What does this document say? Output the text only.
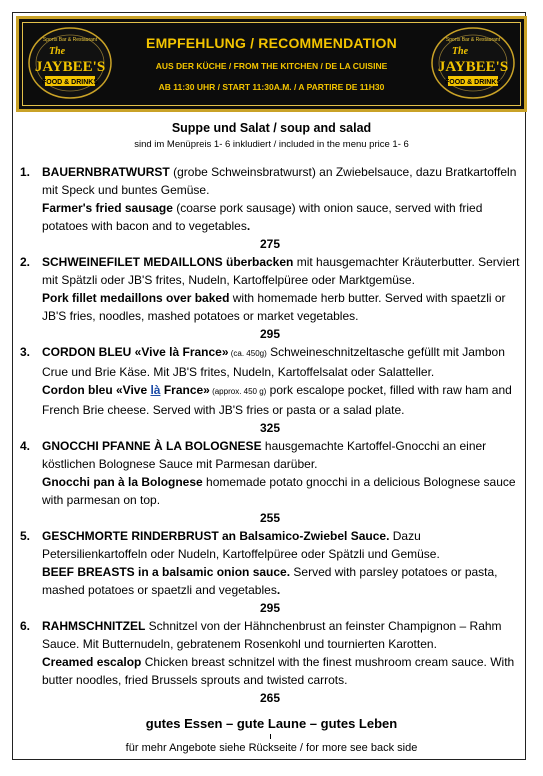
Sports Bar & Restaurant
The
JAYBEE'S
FOOD & DRINKS
Sports Bar & Restaurant
The
JAYBEE'S
FOOD & DRINKS
EMPFEHLUNG / RECOMMENDATION
AUS DER KÜCHE / FROM THE KITCHEN / DE LA CUISINE
AB 11:30 UHR / START 11:30A.M. / A PARTIRE DE 11H30
Suppe und Salat / soup and salad
sind im Menüpreis 1- 6 inkludiert / included in the menu price 1- 6
1. BAUERNBRATWURST (grobe Schweinsbratwurst) an Zwiebelsauce, dazu Bratkartoffeln mit Speck und buntes Gemüse.
Farmer's fried sausage (coarse pork sausage) with onion sauce, served with fried potatoes with bacon and to vegetables.
275
2. SCHWEINEFILET MEDAILLONS überbacken mit hausgemachter Kräuterbutter. Serviert mit Spätzli oder JB'S frites, Nudeln, Kartoffelpüree oder Marktgemüse.
Pork fillet medaillons over baked with homemade herb butter. Served with spaetzli or JB'S fries, noodles, mashed potatoes or market vegetables.
295
3. CORDON BLEU «Vive là France» (ca. 450g) Schweineschnitzeltasche gefüllt mit Jambon Crue und Brie Käse. Mit JB'S frites, Nudeln, Kartoffelsalat oder Salatteller.
Cordon bleu «Vive là France» (approx. 450 g) pork escalope pocket, filled with raw ham and French Brie cheese. Served with JB'S fries or pasta or a salad plate.
325
4. GNOCCHI PFANNE À LA BOLOGNESE hausgemachte Kartoffel-Gnocchi an einer köstlichen Bolognese Sauce mit Parmesan darüber.
Gnocchi pan à la Bolognese homemade potato gnocchi in a delicious Bolognese sauce with parmesan on top.
255
5. GESCHMORTE RINDERBRUST an Balsamico-Zwiebel Sauce. Dazu Petersilienkartoffeln oder Nudeln, Kartoffelpüree oder Spätzli und Gemüse.
BEEF BREASTS in a balsamic onion sauce. Served with parsley potatoes or pasta, mashed potatoes or spaetzli and vegetables.
295
6. RAHMSCHNITZEL Schnitzel von der Hähnchenbrust an feinster Champignon – Rahm Sauce. Mit Butternudeln, gebratenem Rosenkohl und tournierten Karotten.
Creamed escalop Chicken breast schnitzel with the finest mushroom cream sauce. With butter noodles, fried Brussels sprouts and twisted carrots.
265
gutes Essen – gute Laune – gutes Leben
für mehr Angebote siehe Rückseite / for more see back side
